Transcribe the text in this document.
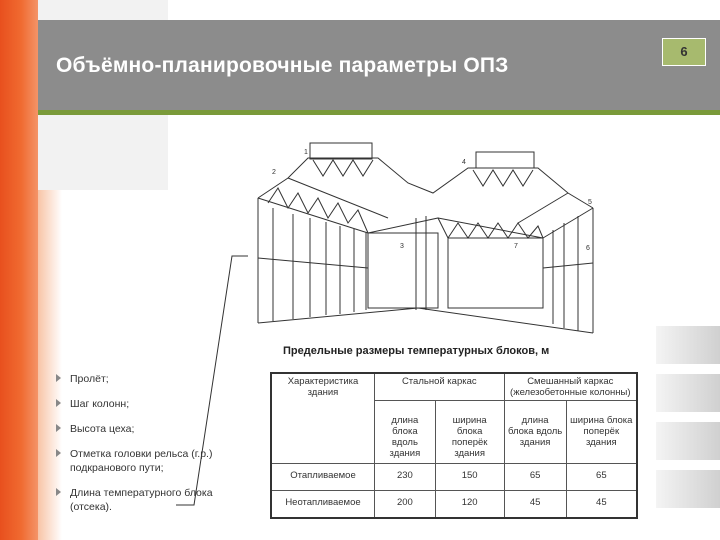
Объёмно-планировочные параметры ОПЗ
6
1
2
3
4
5
6
7
Предельные размеры температурных блоков, м
Пролёт;
Шаг колонн;
Высота цеха;
Отметка головки рельса (г.р.) подкранового пути;
Длина температурного блока (отсека).
Характеристика здания	Стальной каркас		Смешанный каркас (железобетонные колонны)	
	длина блока вдоль здания	ширина блока поперёк здания	длина блока вдоль здания	ширина блока поперёк здания
Отапливаемое	230	150	65	65
Неотапливаемое	200	120	45	45
